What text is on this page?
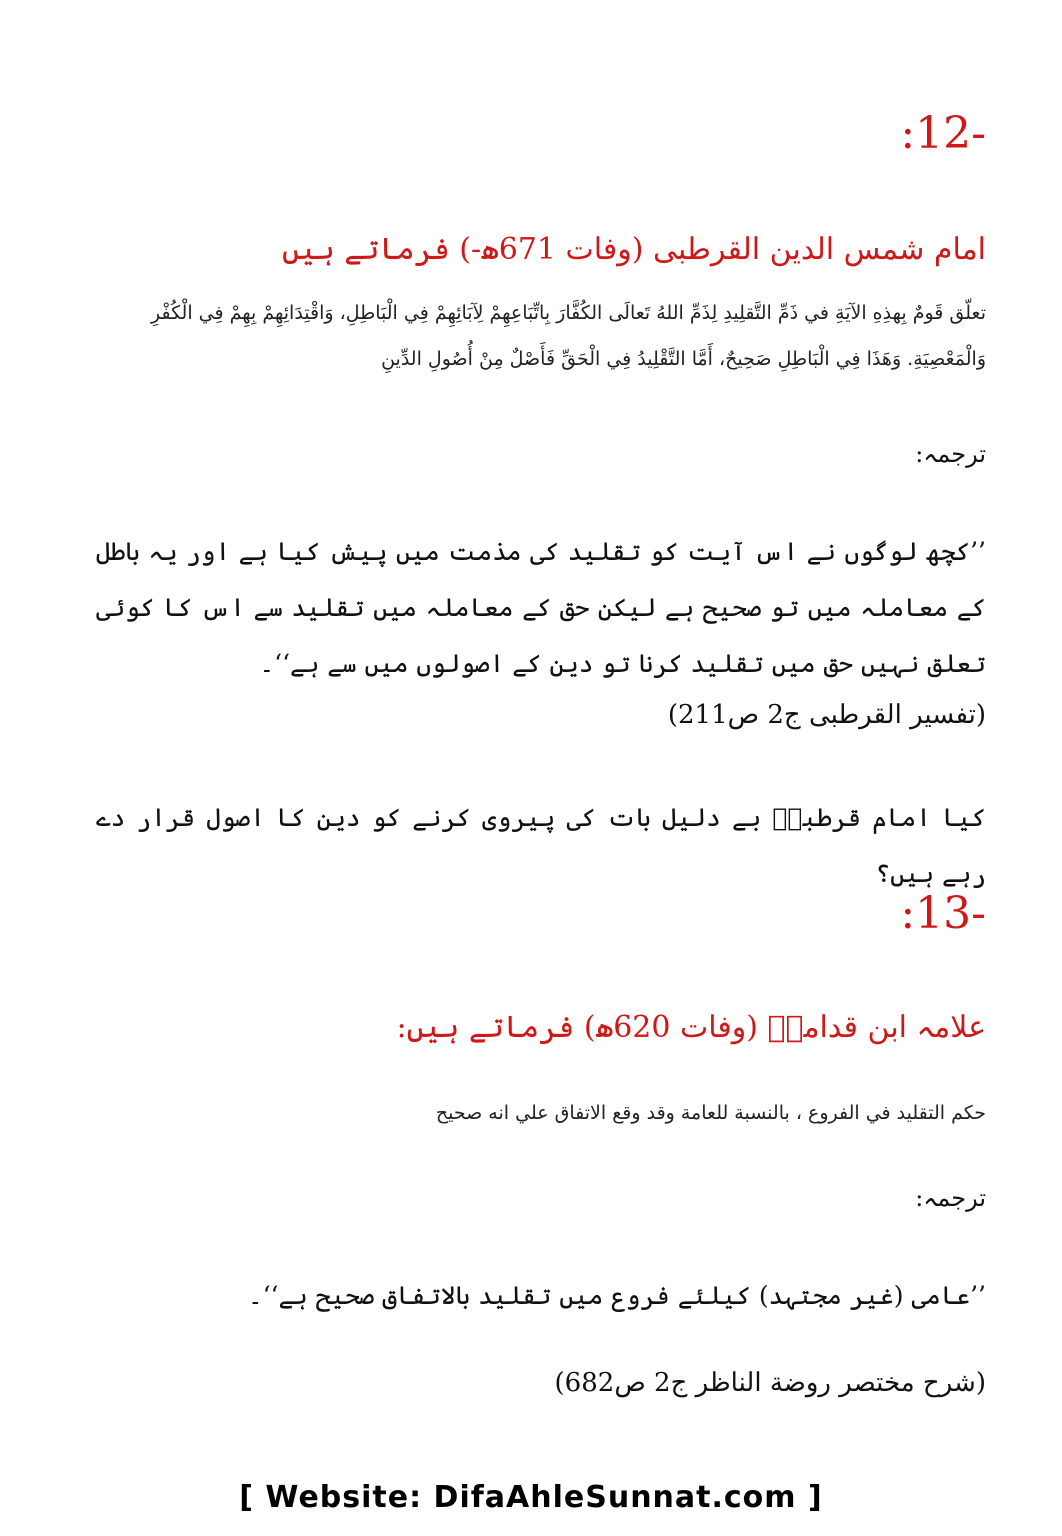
:12-
امام شمس الدین القرطبی (وفات 671ھ-) فرماتے ہیں
تعلّق قَومٌ بِهذِهِ الآيَةِ في ذَمِّ التَّقلِيدِ لِذَمِّ اللهُ تَعالَى الكُفَّارَ بِاتِّبَاعِهِمْ لِآبَائِهِمْ فِي الْبَاطِلِ، وَاقْتِدَائِهِمْ بِهِمْ فِي الْكُفْرِ وَالْمَعْصِيَةِ. وَهَذَا فِي الْبَاطِلِ صَحِيحٌ، أَمَّا التَّقْلِيدُ فِي الْحَقِّ فَأَصْلٌ مِنْ أُصُولِ الدِّينِ
ترجمہ:
’’کچھ لوگوں نے اس آیت کو تقلید کی مذمت میں پیش کیا ہے اور یہ باطل کے معاملہ میں تو صحیح ہے لیکن حق کے معاملہ میں تقلید سے اس کا کوئی تعلق نہیں حق میں تقلید کرنا تو دین کے اصولوں میں سے ہے‘‘۔
(تفسیر القرطبی ج2 ص211)
کیا امام قرطبیؒ بے دلیل بات کی پیروی کرنے کو دین کا اصول قرار دے رہے ہیں؟
:13-
علامہ ابن قدامہؒ (وفات 620ھ) فرماتے ہیں:
حكم التقليد في الفروع ، بالنسبة للعامة وقد وقع الاتفاق علي انه صحيح
ترجمہ:
’’عامی (غیر مجتہد) کیلئے فروع میں تقلید بالاتفاق صحیح ہے‘‘۔
(شرح مختصر روضة الناظر ج2 ص682)
[ Website: DifaAhleSunnat.com ]
